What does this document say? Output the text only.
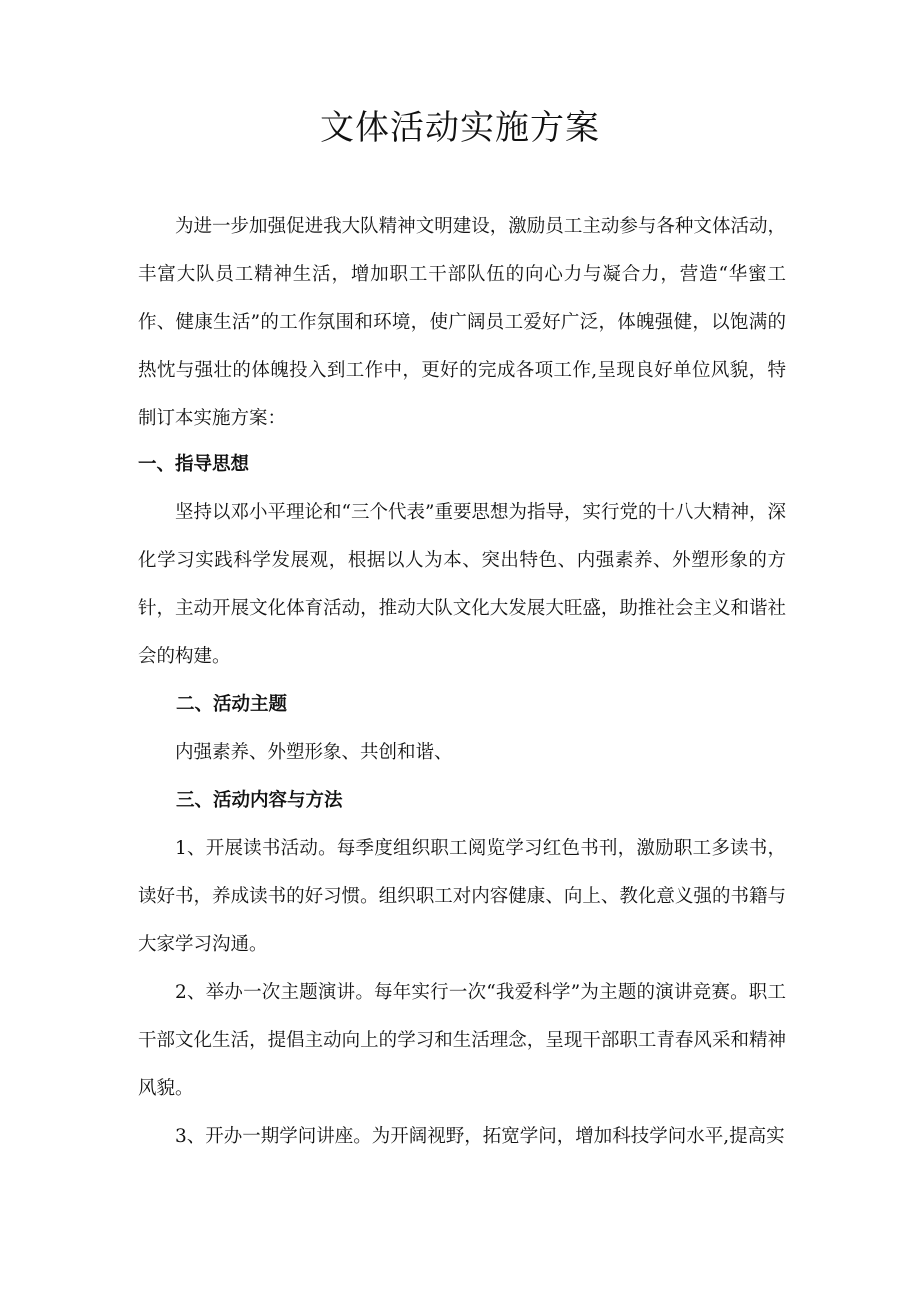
文体活动实施方案

为进一步加强促进我大队精神文明建设，激励员工主动参与各种文体活动，丰富大队员工精神生活，增加职工干部队伍的向心力与凝合力，营造“华蜜工作、健康生活”的工作氛围和环境，使广阔员工爱好广泛，体魄强健，以饱满的热忱与强壮的体魄投入到工作中，更好的完成各项工作,呈现良好单位风貌，特制订本实施方案：

一、指导思想

坚持以邓小平理论和“三个代表”重要思想为指导，实行党的十八大精神，深化学习实践科学发展观，根据以人为本、突出特色、内强素养、外塑形象的方针，主动开展文化体育活动，推动大队文化大发展大旺盛，助推社会主义和谐社会的构建。

二、活动主题

内强素养、外塑形象、共创和谐、

三、活动内容与方法

1、开展读书活动。每季度组织职工阅览学习红色书刊，激励职工多读书，读好书，养成读书的好习惯。组织职工对内容健康、向上、教化意义强的书籍与大家学习沟通。

2、举办一次主题演讲。每年实行一次“我爱科学”为主题的演讲竞赛。职工干部文化生活，提倡主动向上的学习和生活理念，呈现干部职工青春风采和精神风貌。

3、开办一期学问讲座。为开阔视野，拓宽学问，增加科技学问水平,提高实
